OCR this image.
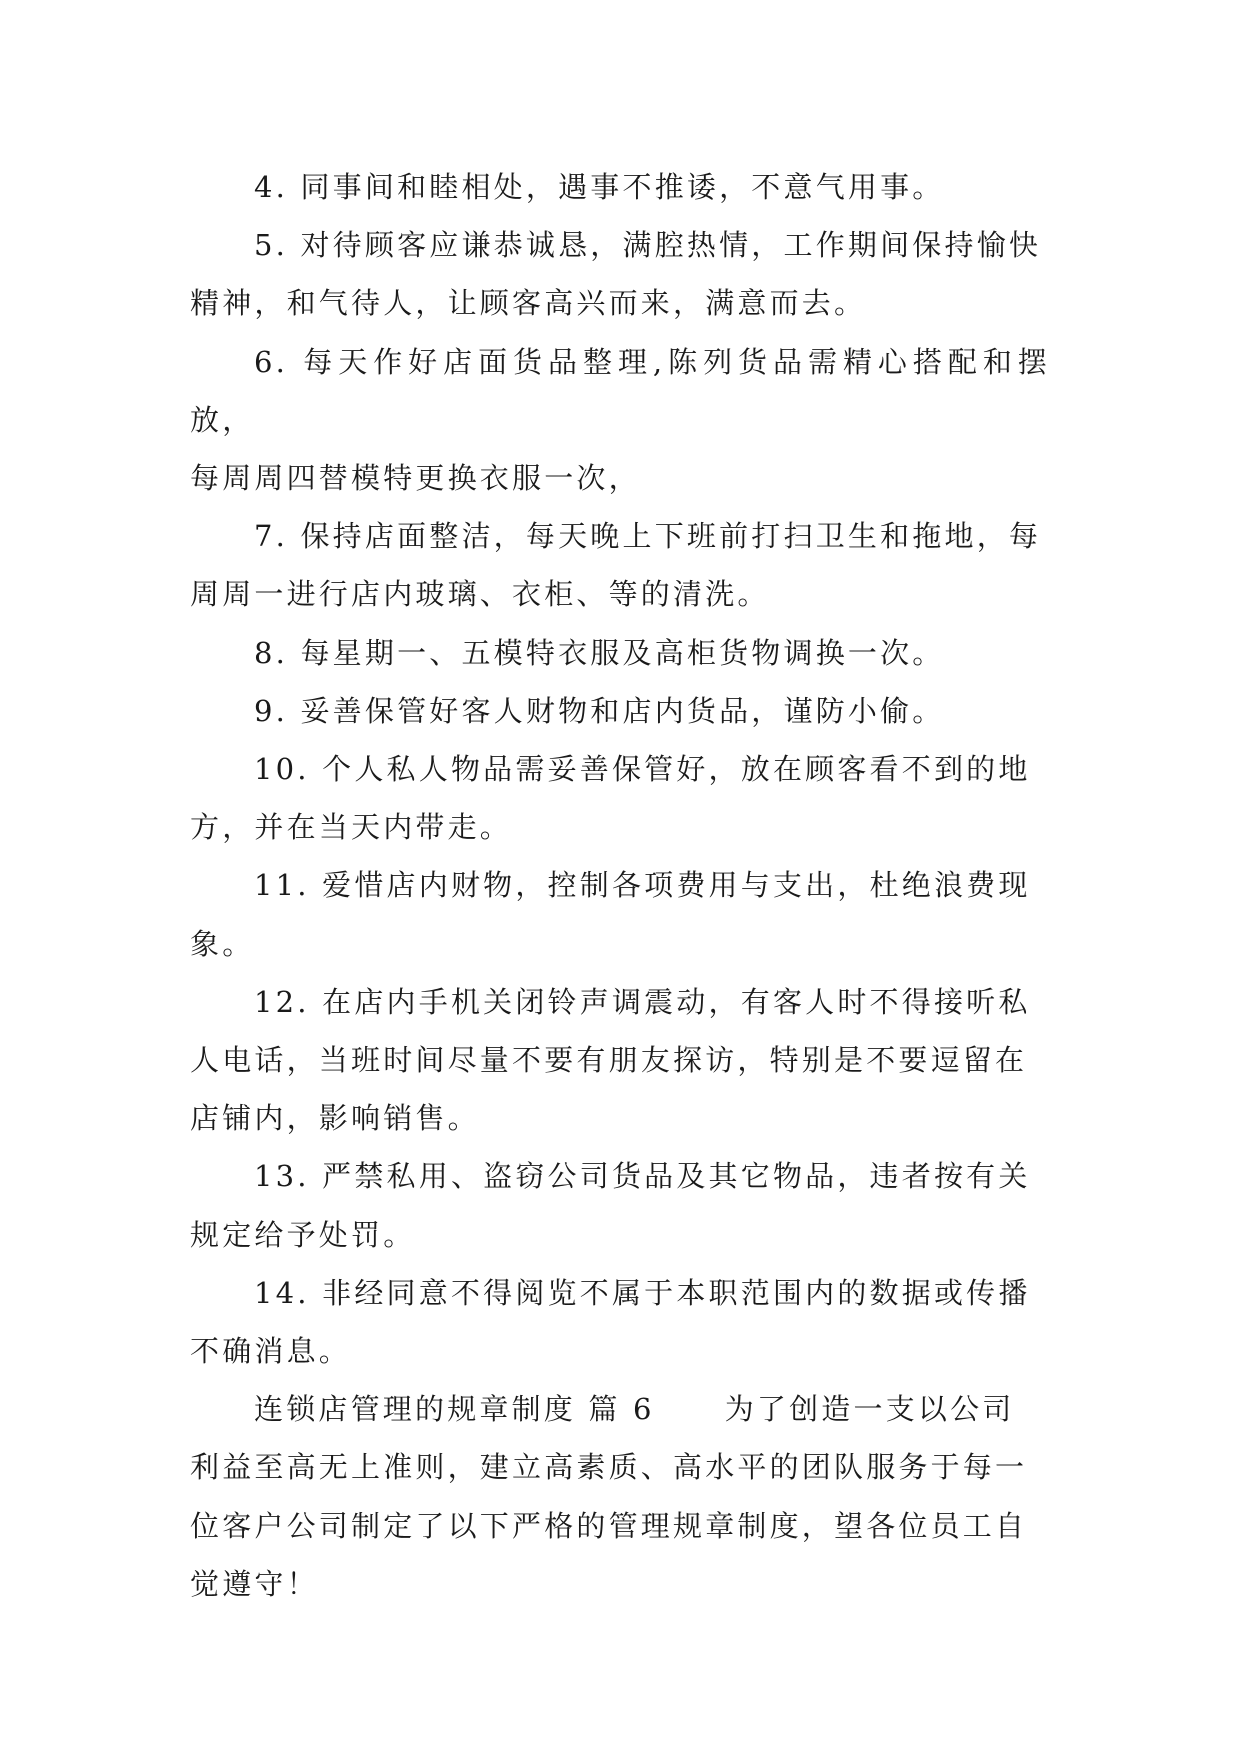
4. 同事间和睦相处，遇事不推诿，不意气用事。

5. 对待顾客应谦恭诚恳，满腔热情，工作期间保持愉快
精神，和气待人，让顾客高兴而来，满意而去。

6. 每天作好店面货品整理,陈列货品需精心搭配和摆放，
每周周四替模特更换衣服一次，

7. 保持店面整洁，每天晚上下班前打扫卫生和拖地，每
周周一进行店内玻璃、衣柜、等的清洗。

8. 每星期一、五模特衣服及高柜货物调换一次。

9. 妥善保管好客人财物和店内货品，谨防小偷。

10. 个人私人物品需妥善保管好，放在顾客看不到的地
方，并在当天内带走。

11. 爱惜店内财物，控制各项费用与支出，杜绝浪费现
象。

12. 在店内手机关闭铃声调震动，有客人时不得接听私
人电话，当班时间尽量不要有朋友探访，特别是不要逗留在
店铺内，影响销售。

13. 严禁私用、盗窃公司货品及其它物品，违者按有关
规定给予处罚。

14. 非经同意不得阅览不属于本职范围内的数据或传播
不确消息。

连锁店管理的规章制度 篇 6 为了创造一支以公司
利益至高无上准则，建立高素质、高水平的团队服务于每一
位客户公司制定了以下严格的管理规章制度，望各位员工自
觉遵守！
